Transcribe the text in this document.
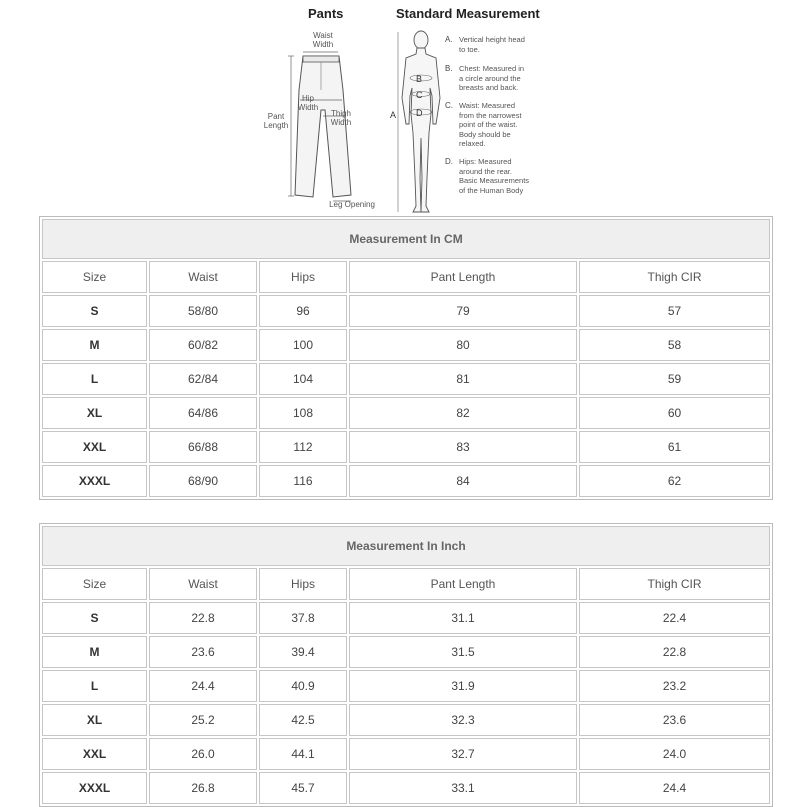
Pants	Standard Measurement
Waist
Width
Hip
Width
Thigh
Width
Pant
Length
Leg Opening
A
B
C
D
A. Vertical height head
to toe.
B. Chest: Measured in
a circle around the
breasts and back.
C. Waist: Measured
from the narrowest
point of the waist.
Body should be
relaxed.
D. Hips: Measured
around the rear.
Basic Measurements
of the Human Body
Measurement In CM				
Size	Waist	Hips	Pant Length	Thigh CIR
S	58/80	96	79	57
M	60/82	100	80	58
L	62/84	104	81	59
XL	64/86	108	82	60
XXL	66/88	112	83	61
XXXL	68/90	116	84	62
Measurement In Inch				
Size	Waist	Hips	Pant Length	Thigh CIR
S	22.8	37.8	31.1	22.4
M	23.6	39.4	31.5	22.8
L	24.4	40.9	31.9	23.2
XL	25.2	42.5	32.3	23.6
XXL	26.0	44.1	32.7	24.0
XXXL	26.8	45.7	33.1	24.4
